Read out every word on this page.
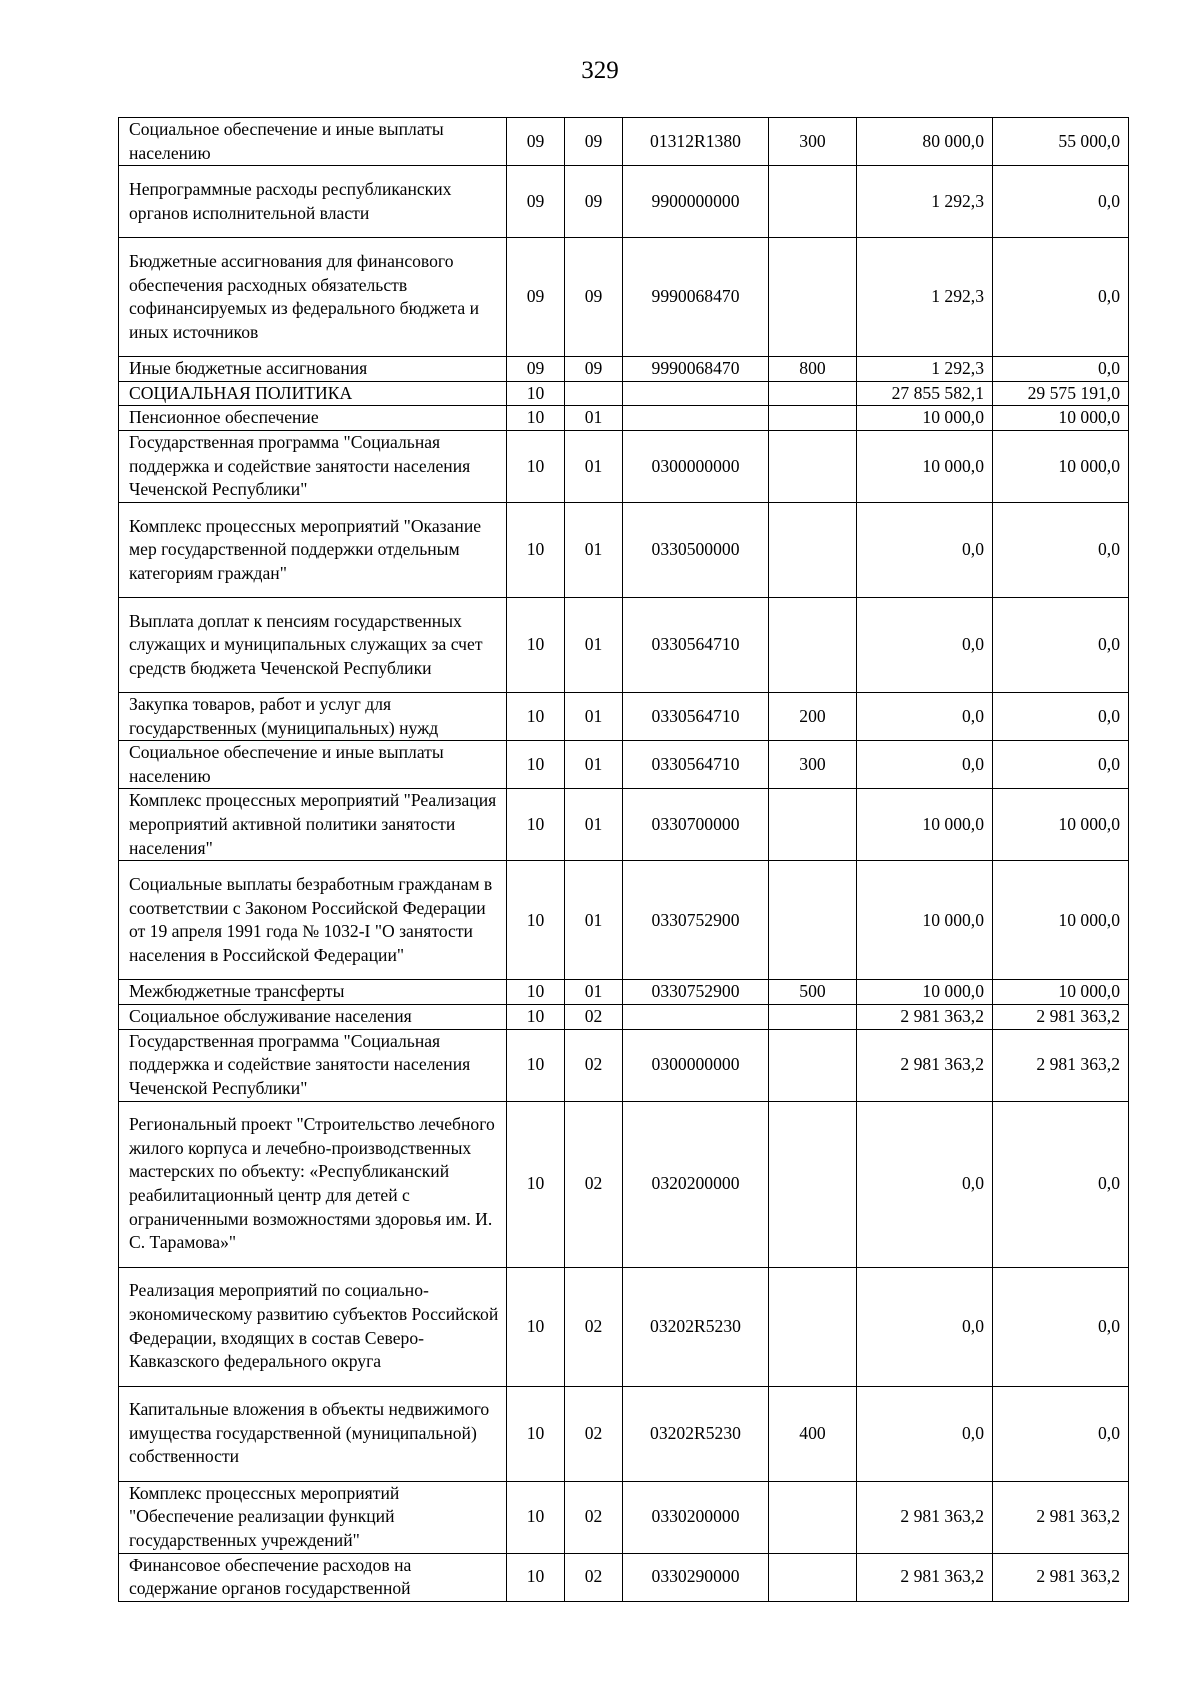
329
Социальное обеспечение и иные выплаты населению	09	09	01312R1380	300	80 000,0	55 000,0
Непрограммные расходы республиканских органов исполнительной власти	09	09	9900000000		1 292,3	0,0
Бюджетные ассигнования для финансового обеспечения расходных обязательств софинансируемых из федерального бюджета и иных источников	09	09	9990068470		1 292,3	0,0
Иные бюджетные ассигнования	09	09	9990068470	800	1 292,3	0,0
СОЦИАЛЬНАЯ ПОЛИТИКА	10				27 855 582,1	29 575 191,0
Пенсионное обеспечение	10	01			10 000,0	10 000,0
Государственная программа "Социальная поддержка и содействие занятости населения Чеченской Республики"	10	01	0300000000		10 000,0	10 000,0
Комплекс процессных мероприятий "Оказание мер государственной поддержки отдельным категориям граждан"	10	01	0330500000		0,0	0,0
Выплата доплат к пенсиям государственных служащих и муниципальных служащих за счет средств бюджета Чеченской Республики	10	01	0330564710		0,0	0,0
Закупка товаров, работ и услуг для государственных (муниципальных) нужд	10	01	0330564710	200	0,0	0,0
Социальное обеспечение и иные выплаты населению	10	01	0330564710	300	0,0	0,0
Комплекс процессных мероприятий "Реализация мероприятий активной политики занятости населения"	10	01	0330700000		10 000,0	10 000,0
Социальные выплаты безработным гражданам в соответствии с Законом Российской Федерации от 19 апреля 1991 года № 1032-I "О занятости населения в Российской Федерации"	10	01	0330752900		10 000,0	10 000,0
Межбюджетные трансферты	10	01	0330752900	500	10 000,0	10 000,0
Социальное обслуживание населения	10	02			2 981 363,2	2 981 363,2
Государственная программа "Социальная поддержка и содействие занятости населения Чеченской Республики"	10	02	0300000000		2 981 363,2	2 981 363,2
Региональный проект "Строительство лечебного жилого корпуса и лечебно-производственных мастерских по объекту: «Республиканский реабилитационный центр для детей с ограниченными возможностями здоровья им. И. С. Тарамова»"	10	02	0320200000		0,0	0,0
Реализация мероприятий по социально-экономическому развитию субъектов Российской Федерации, входящих в состав Северо-Кавказского федерального округа	10	02	03202R5230		0,0	0,0
Капитальные вложения в объекты недвижимого имущества государственной (муниципальной) собственности	10	02	03202R5230	400	0,0	0,0
Комплекс процессных мероприятий "Обеспечение реализации функций государственных учреждений"	10	02	0330200000		2 981 363,2	2 981 363,2
Финансовое обеспечение расходов на содержание органов государственной	10	02	0330290000		2 981 363,2	2 981 363,2
